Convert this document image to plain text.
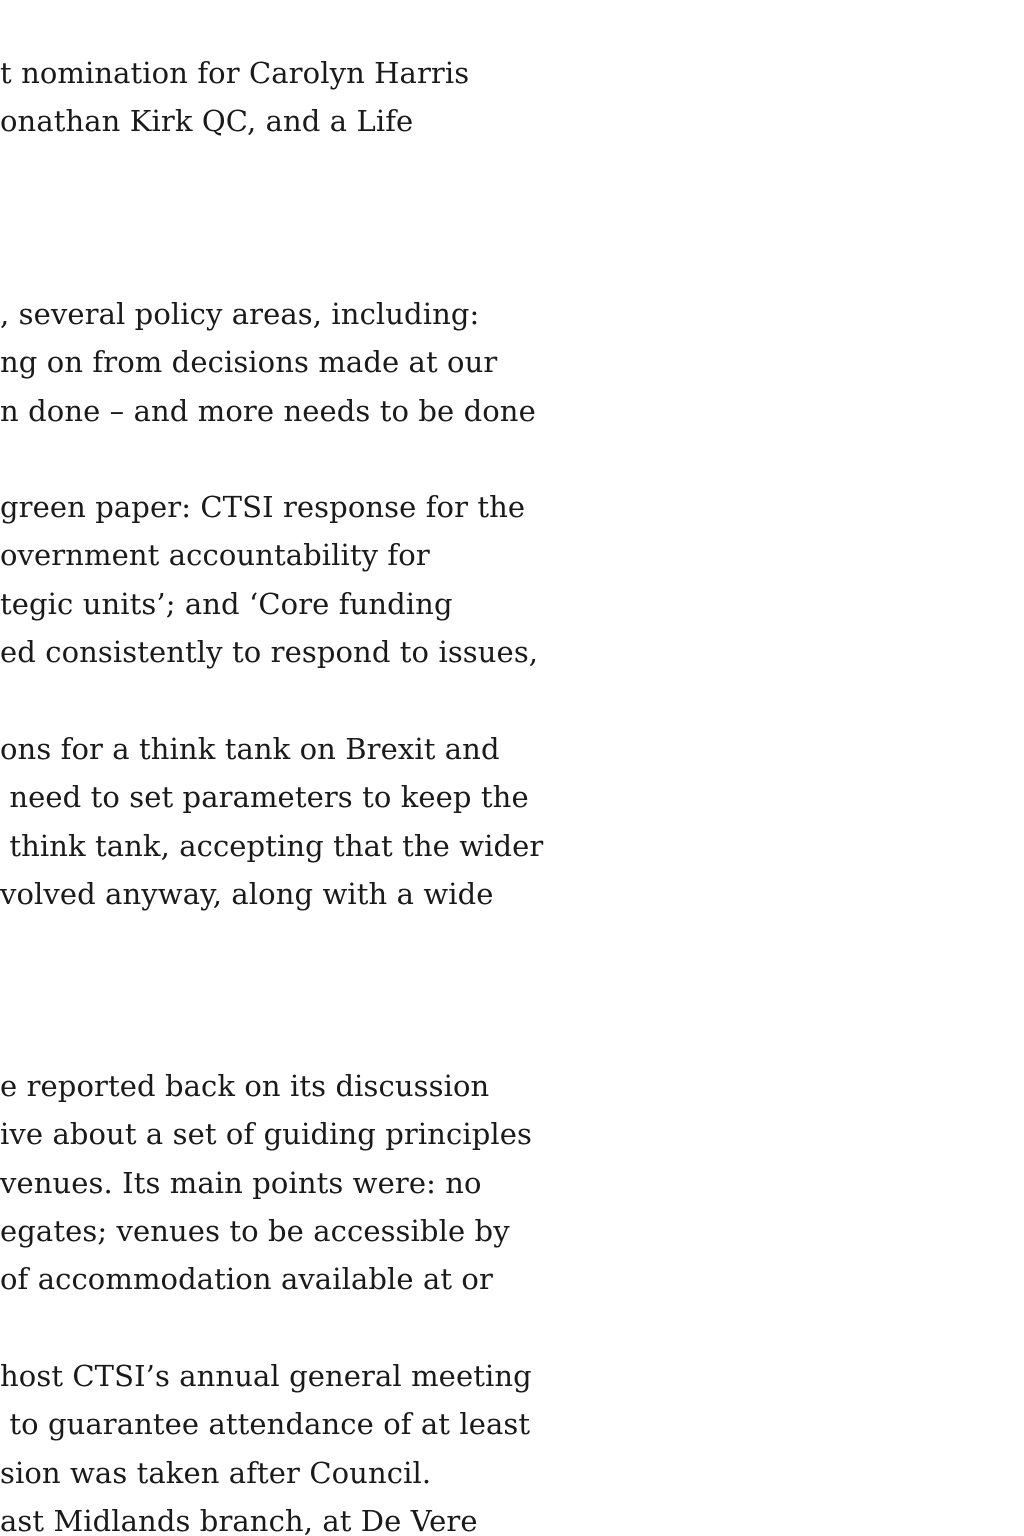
t nomination for Carolyn Harris
onathan Kirk QC, and a Life
, several policy areas, including:
ng on from decisions made at our
n done – and more needs to be done
green paper: CTSI response for the
overnment accountability for
tegic units’; and ‘Core funding
ed consistently to respond to issues,
ons for a think tank on Brexit and
need to set parameters to keep the
think tank, accepting that the wider
volved anyway, along with a wide
e reported back on its discussion
ive about a set of guiding principles
venues. Its main points were: no
egates; venues to be accessible by
of accommodation available at or
host CTSI’s annual general meeting
to guarantee attendance of at least
sion was taken after Council.
ast Midlands branch, at De Vere
